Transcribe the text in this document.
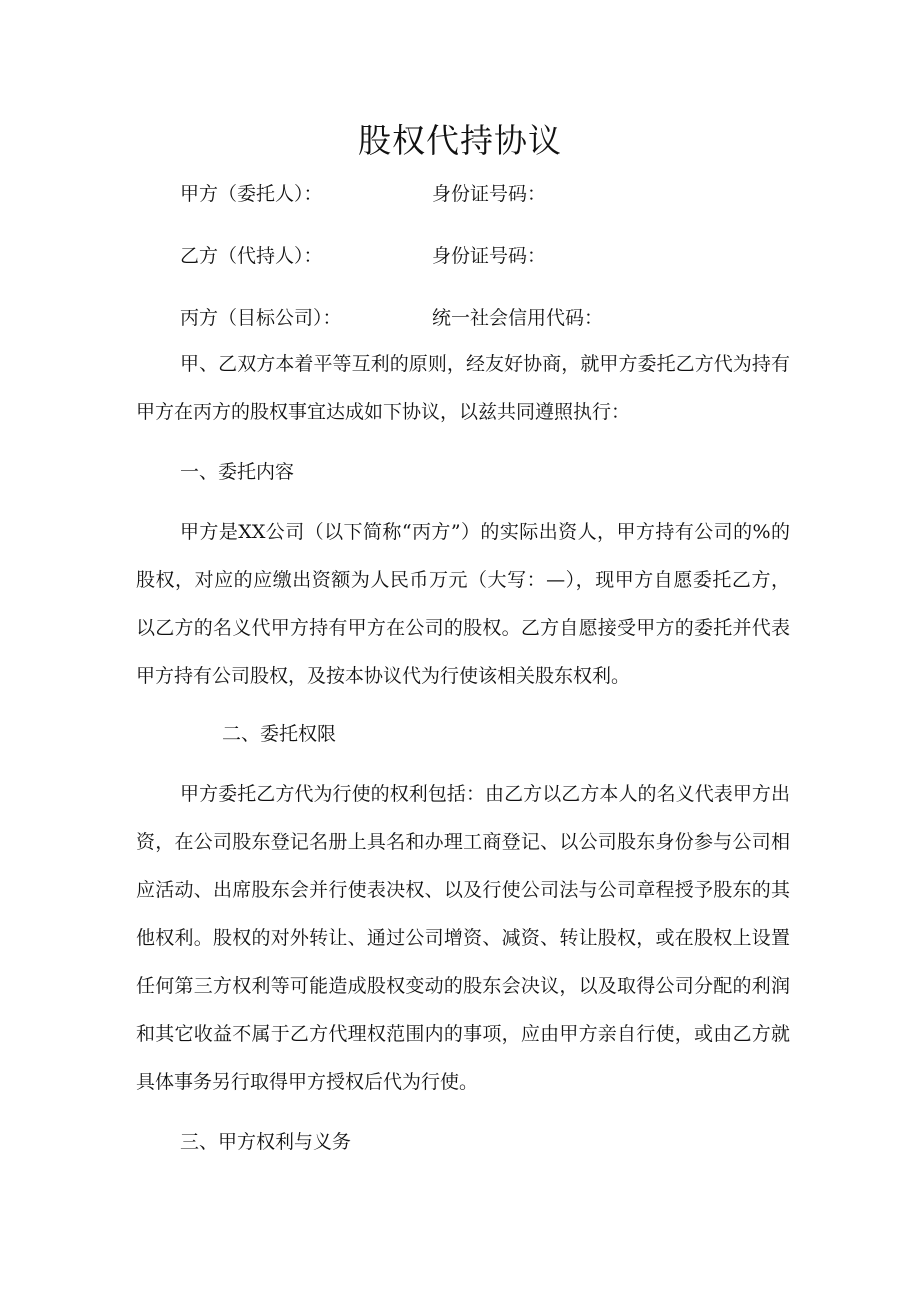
股权代持协议
甲方（委托人）：	身份证号码：
乙方（代持人）：	身份证号码：
丙方（目标公司）：	统一社会信用代码：

甲、乙双方本着平等互利的原则，经友好协商，就甲方委托乙方代为持有甲方在丙方的股权事宜达成如下协议，以兹共同遵照执行：

一、委托内容

甲方是XX公司（以下简称“丙方”）的实际出资人，甲方持有公司的%的股权，对应的应缴出资额为人民币万元（大写：—），现甲方自愿委托乙方，以乙方的名义代甲方持有甲方在公司的股权。乙方自愿接受甲方的委托并代表甲方持有公司股权，及按本协议代为行使该相关股东权利。

二、委托权限

甲方委托乙方代为行使的权利包括：由乙方以乙方本人的名义代表甲方出资，在公司股东登记名册上具名和办理工商登记、以公司股东身份参与公司相应活动、出席股东会并行使表决权、以及行使公司法与公司章程授予股东的其他权利。股权的对外转让、通过公司增资、减资、转让股权，或在股权上设置任何第三方权利等可能造成股权变动的股东会决议，以及取得公司分配的利润和其它收益不属于乙方代理权范围内的事项，应由甲方亲自行使，或由乙方就具体事务另行取得甲方授权后代为行使。

三、甲方权利与义务
